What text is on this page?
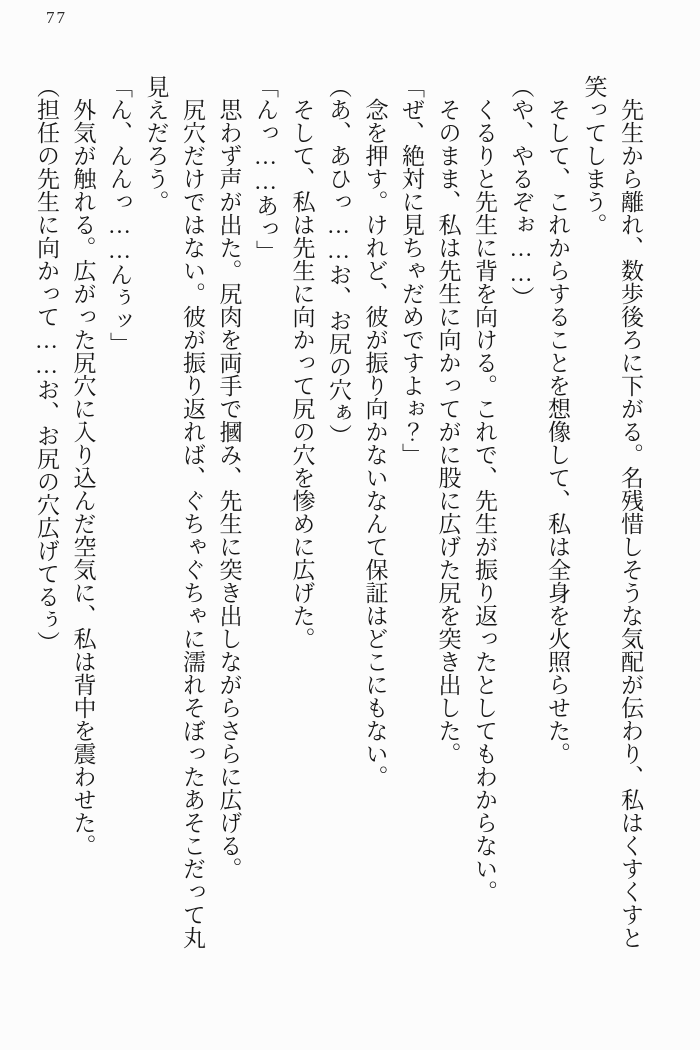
77

　先生から離れ、数歩後ろに下がる。名残惜しそうな気配が伝わり、私はくすくすと笑ってしまう。

　そして、これからすることを想像して、私は全身を火照らせた。

（や、やるぞぉ……）

　くるりと先生に背を向ける。これで、先生が振り返ったとしてもわからない。

　そのまま、私は先生に向かってがに股に広げた尻を突き出した。

「ぜ、絶対に見ちゃだめですよぉ？」

　念を押す。けれど、彼が振り向かないなんて保証はどこにもない。

（あ、あひっ……お、お尻の穴ぁ）

　そして、私は先生に向かって尻の穴を惨めに広げた。

「んっ……あっ」

　思わず声が出た。尻肉を両手で摑み、先生に突き出しながらさらに広げる。

　尻穴だけではない。彼が振り返れば、ぐちゃぐちゃに濡れそぼったあそこだって丸見えだろう。

「ん、んんっ……んぅッ」

　外気が触れる。広がった尻穴に入り込んだ空気に、私は背中を震わせた。

（担任の先生に向かって……お、お尻の穴広げてるぅ）
